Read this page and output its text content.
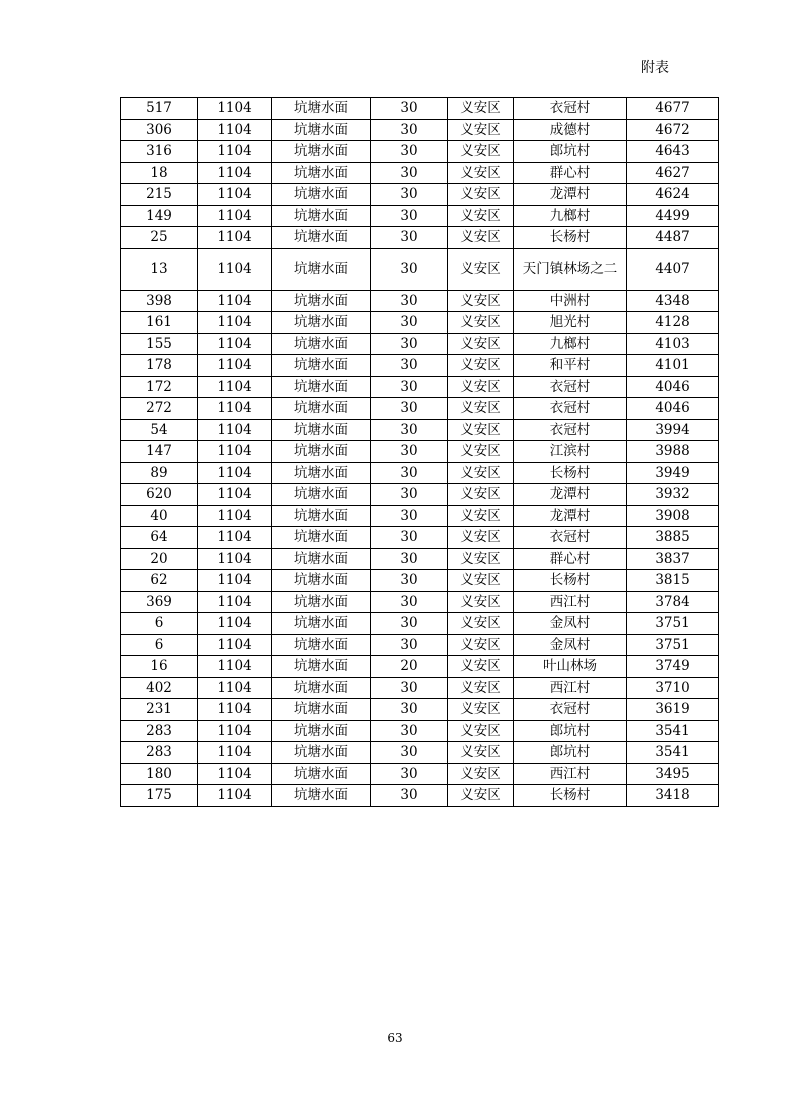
附表
517	1104	坑塘水面	30	义安区	衣冠村	4677
306	1104	坑塘水面	30	义安区	成德村	4672
316	1104	坑塘水面	30	义安区	郎坑村	4643
18	1104	坑塘水面	30	义安区	群心村	4627
215	1104	坑塘水面	30	义安区	龙潭村	4624
149	1104	坑塘水面	30	义安区	九榔村	4499
25	1104	坑塘水面	30	义安区	长杨村	4487
13	1104	坑塘水面	30	义安区	天门镇林场之二	4407
398	1104	坑塘水面	30	义安区	中洲村	4348
161	1104	坑塘水面	30	义安区	旭光村	4128
155	1104	坑塘水面	30	义安区	九榔村	4103
178	1104	坑塘水面	30	义安区	和平村	4101
172	1104	坑塘水面	30	义安区	衣冠村	4046
272	1104	坑塘水面	30	义安区	衣冠村	4046
54	1104	坑塘水面	30	义安区	衣冠村	3994
147	1104	坑塘水面	30	义安区	江滨村	3988
89	1104	坑塘水面	30	义安区	长杨村	3949
620	1104	坑塘水面	30	义安区	龙潭村	3932
40	1104	坑塘水面	30	义安区	龙潭村	3908
64	1104	坑塘水面	30	义安区	衣冠村	3885
20	1104	坑塘水面	30	义安区	群心村	3837
62	1104	坑塘水面	30	义安区	长杨村	3815
369	1104	坑塘水面	30	义安区	西江村	3784
6	1104	坑塘水面	30	义安区	金凤村	3751
6	1104	坑塘水面	30	义安区	金凤村	3751
16	1104	坑塘水面	20	义安区	叶山林场	3749
402	1104	坑塘水面	30	义安区	西江村	3710
231	1104	坑塘水面	30	义安区	衣冠村	3619
283	1104	坑塘水面	30	义安区	郎坑村	3541
283	1104	坑塘水面	30	义安区	郎坑村	3541
180	1104	坑塘水面	30	义安区	西江村	3495
175	1104	坑塘水面	30	义安区	长杨村	3418
63
